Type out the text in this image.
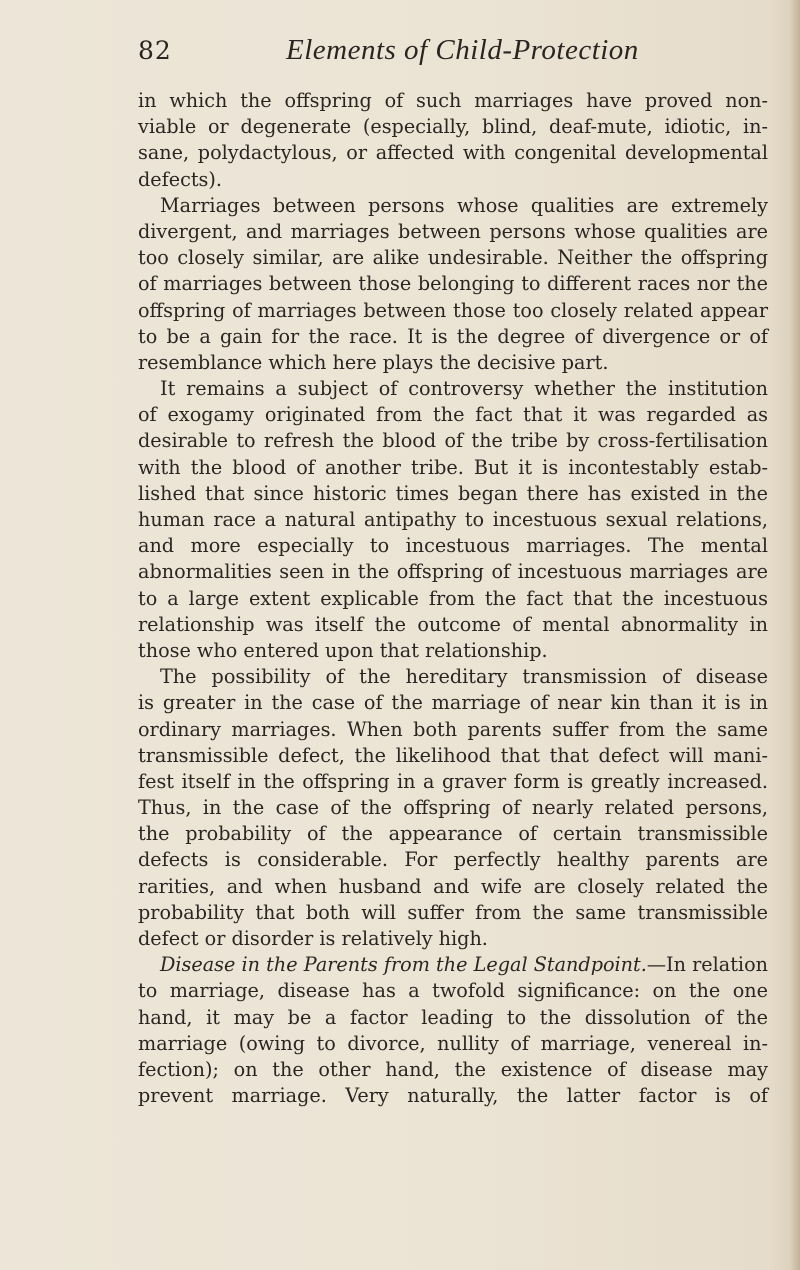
82	Elements of Child-Protection
in which the offspring of such marriages have proved non-
viable or degenerate (especially, blind, deaf-mute, idiotic, in-
sane, polydactylous, or affected with congenital developmental
defects).
Marriages between persons whose qualities are extremely
divergent, and marriages between persons whose qualities are
too closely similar, are alike undesirable. Neither the offspring
of marriages between those belonging to different races nor the
offspring of marriages between those too closely related appear
to be a gain for the race. It is the degree of divergence or of
resemblance which here plays the decisive part.
It remains a subject of controversy whether the institution
of exogamy originated from the fact that it was regarded as
desirable to refresh the blood of the tribe by cross-fertilisation
with the blood of another tribe. But it is incontestably estab-
lished that since historic times began there has existed in the
human race a natural antipathy to incestuous sexual relations,
and more especially to incestuous marriages. The mental
abnormalities seen in the offspring of incestuous marriages are
to a large extent explicable from the fact that the incestuous
relationship was itself the outcome of mental abnormality in
those who entered upon that relationship.
The possibility of the hereditary transmission of disease
is greater in the case of the marriage of near kin than it is in
ordinary marriages. When both parents suffer from the same
transmissible defect, the likelihood that that defect will mani-
fest itself in the offspring in a graver form is greatly increased.
Thus, in the case of the offspring of nearly related persons,
the probability of the appearance of certain transmissible
defects is considerable. For perfectly healthy parents are
rarities, and when husband and wife are closely related the
probability that both will suffer from the same transmissible
defect or disorder is relatively high.
Disease in the Parents from the Legal Standpoint.—In relation
to marriage, disease has a twofold significance: on the one
hand, it may be a factor leading to the dissolution of the
marriage (owing to divorce, nullity of marriage, venereal in-
fection); on the other hand, the existence of disease may
prevent marriage. Very naturally, the latter factor is of
